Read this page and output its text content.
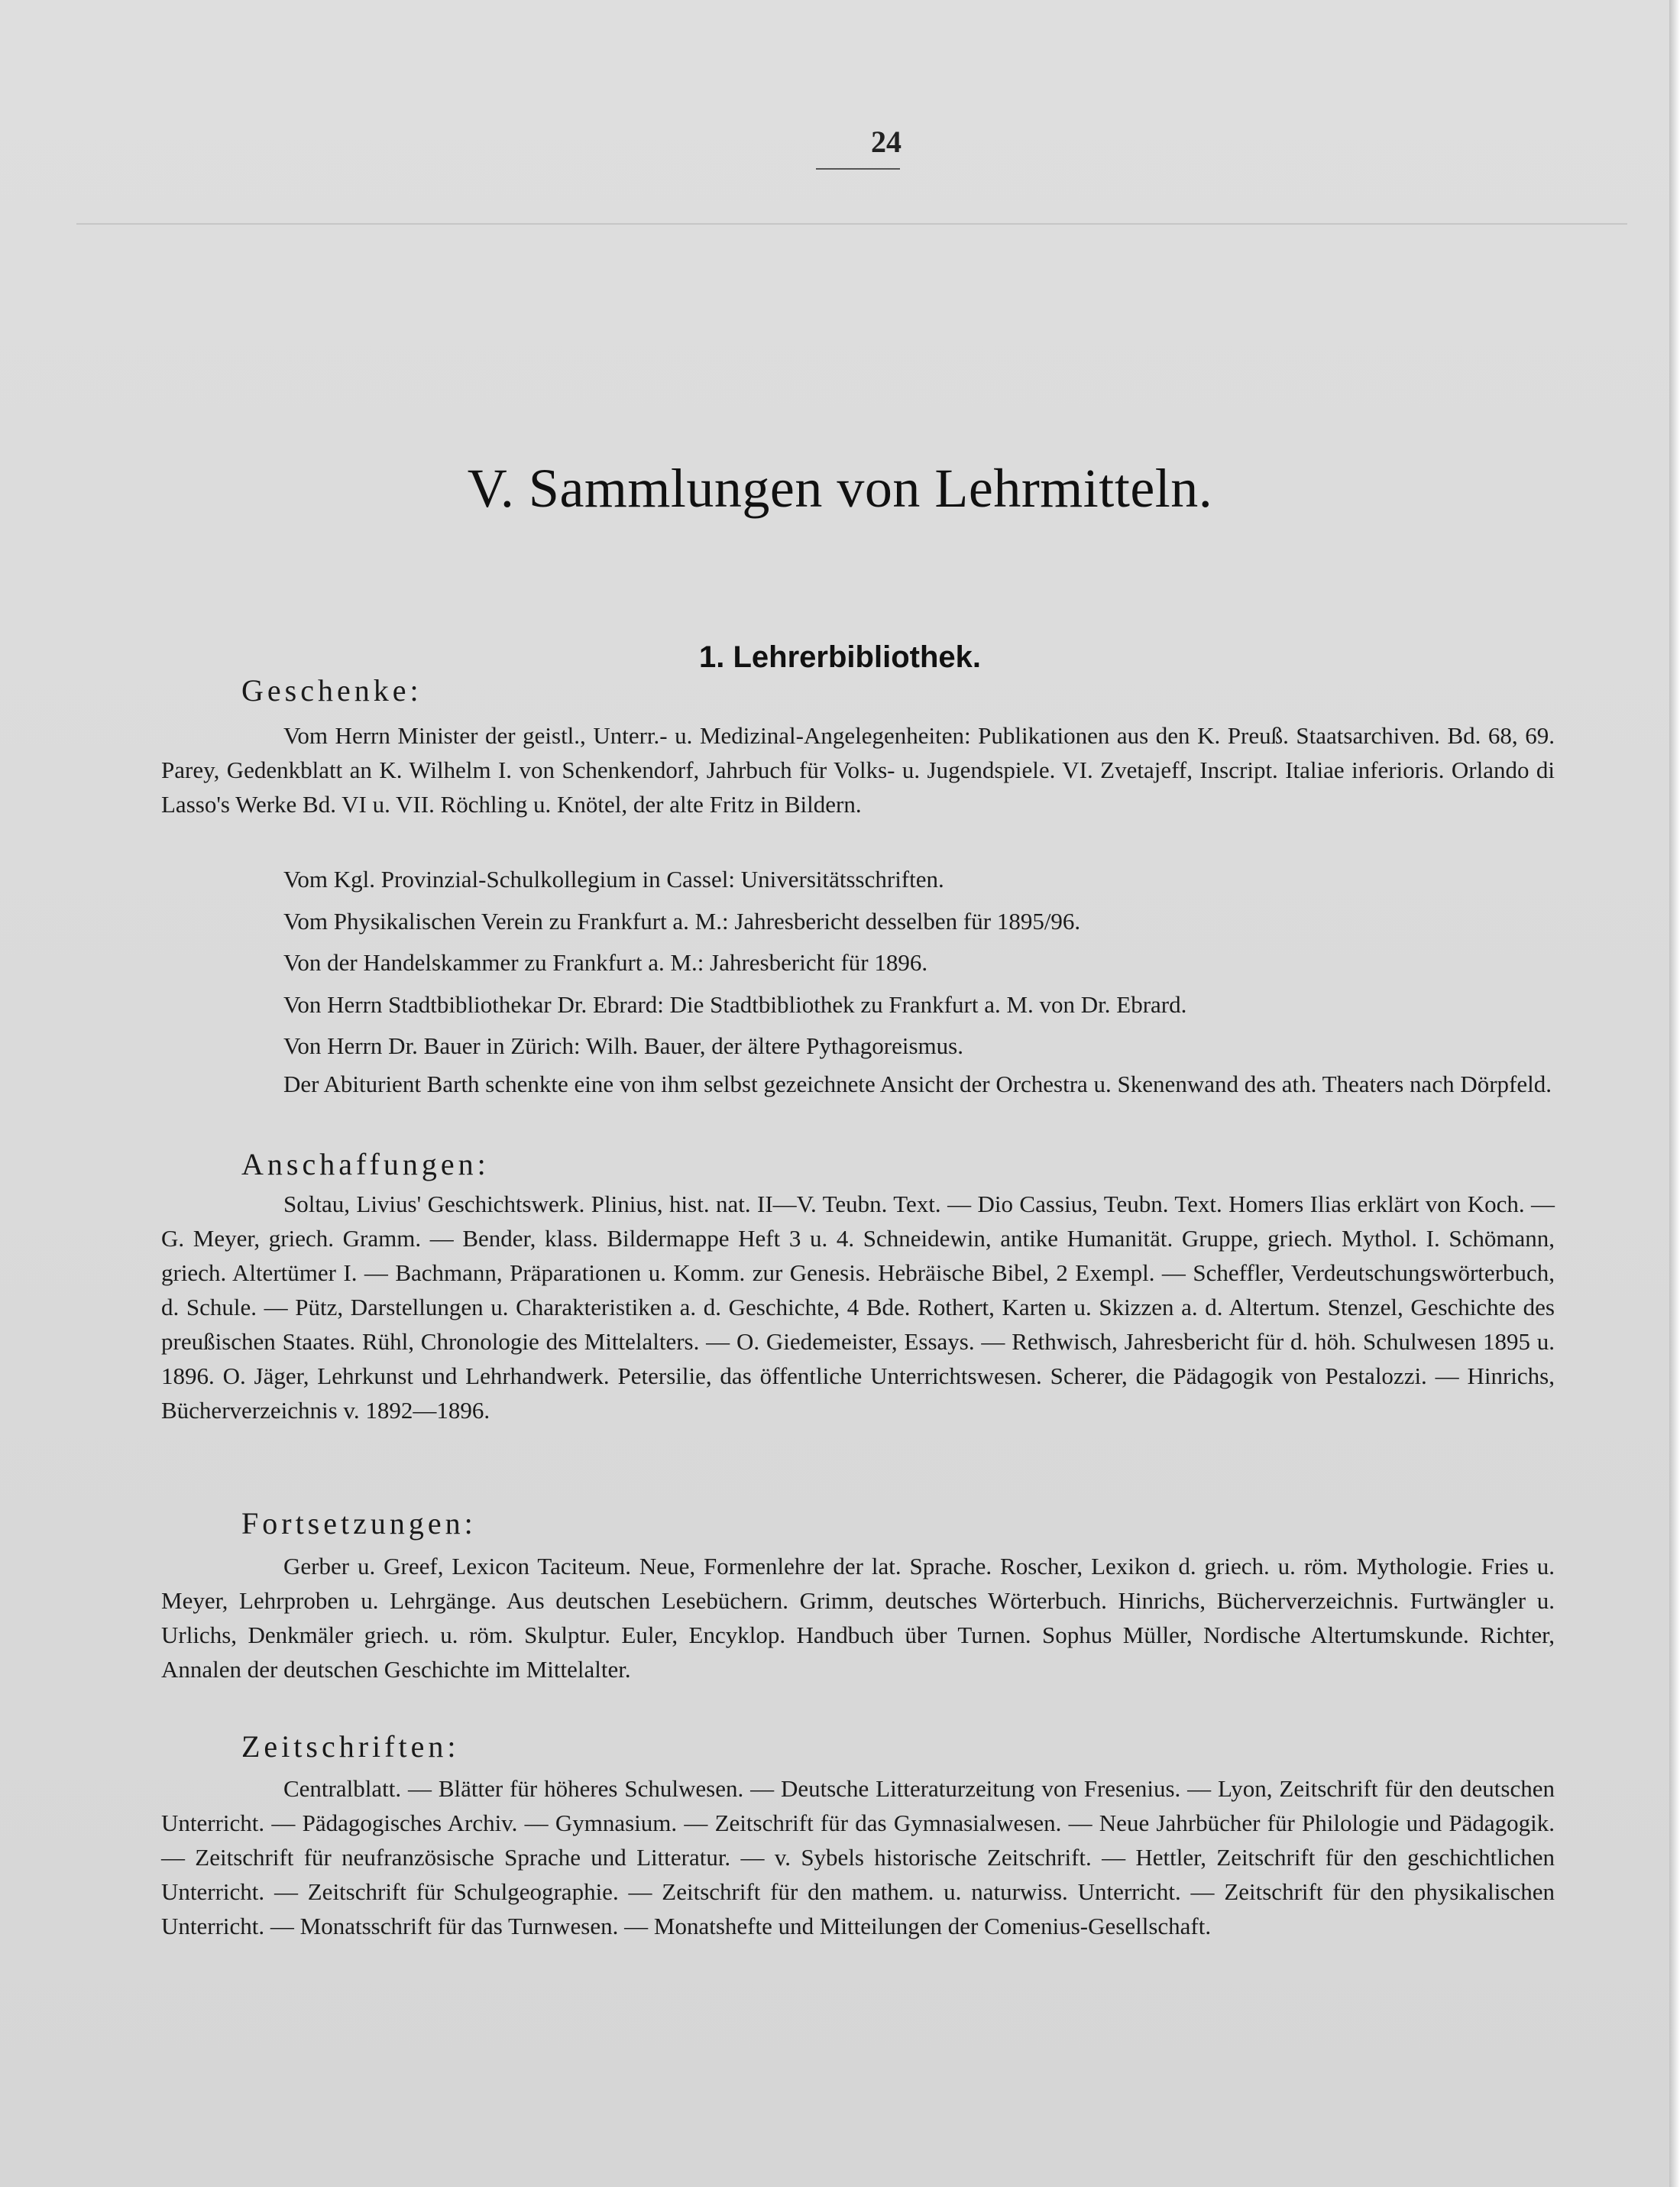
24
V. Sammlungen von Lehrmitteln.
1. Lehrerbibliothek.
Geschenke:
Vom Herrn Minister der geistl., Unterr.- u. Medizinal-Angelegenheiten: Publikationen aus den K. Preuß. Staatsarchiven. Bd. 68, 69. Parey, Gedenkblatt an K. Wilhelm I. von Schenkendorf, Jahrbuch für Volks- u. Jugendspiele. VI. Zvetajeff, Inscript. Italiae inferioris. Orlando di Lasso's Werke Bd. VI u. VII. Röchling u. Knötel, der alte Fritz in Bildern.
Vom Kgl. Provinzial-Schulkollegium in Cassel: Universitätsschriften.
Vom Physikalischen Verein zu Frankfurt a. M.: Jahresbericht desselben für 1895/96.
Von der Handelskammer zu Frankfurt a. M.: Jahresbericht für 1896.
Von Herrn Stadtbibliothekar Dr. Ebrard: Die Stadtbibliothek zu Frankfurt a. M. von Dr. Ebrard.
Von Herrn Dr. Bauer in Zürich: Wilh. Bauer, der ältere Pythagoreismus.
Der Abiturient Barth schenkte eine von ihm selbst gezeichnete Ansicht der Orchestra u. Skenenwand des ath. Theaters nach Dörpfeld.
Anschaffungen:
Soltau, Livius' Geschichtswerk. Plinius, hist. nat. II—V. Teubn. Text. — Dio Cassius, Teubn. Text. Homers Ilias erklärt von Koch. — G. Meyer, griech. Gramm. — Bender, klass. Bildermappe Heft 3 u. 4. Schneidewin, antike Humanität. Gruppe, griech. Mythol. I. Schömann, griech. Altertümer I. — Bachmann, Präparationen u. Komm. zur Genesis. Hebräische Bibel, 2 Exempl. — Scheffler, Verdeutschungswörterbuch, d. Schule. — Pütz, Darstellungen u. Charakteristiken a. d. Geschichte, 4 Bde. Rothert, Karten u. Skizzen a. d. Altertum. Stenzel, Geschichte des preußischen Staates. Rühl, Chronologie des Mittelalters. — O. Giedemeister, Essays. — Rethwisch, Jahresbericht für d. höh. Schulwesen 1895 u. 1896. O. Jäger, Lehrkunst und Lehrhandwerk. Petersilie, das öffentliche Unterrichtswesen. Scherer, die Pädagogik von Pestalozzi. — Hinrichs, Bücherverzeichnis v. 1892—1896.
Fortsetzungen:
Gerber u. Greef, Lexicon Taciteum. Neue, Formenlehre der lat. Sprache. Roscher, Lexikon d. griech. u. röm. Mythologie. Fries u. Meyer, Lehrproben u. Lehrgänge. Aus deutschen Lesebüchern. Grimm, deutsches Wörterbuch. Hinrichs, Bücherverzeichnis. Furtwängler u. Urlichs, Denkmäler griech. u. röm. Skulptur. Euler, Encyklop. Handbuch über Turnen. Sophus Müller, Nordische Altertumskunde. Richter, Annalen der deutschen Geschichte im Mittelalter.
Zeitschriften:
Centralblatt. — Blätter für höheres Schulwesen. — Deutsche Litteraturzeitung von Fresenius. — Lyon, Zeitschrift für den deutschen Unterricht. — Pädagogisches Archiv. — Gymnasium. — Zeitschrift für das Gymnasialwesen. — Neue Jahrbücher für Philologie und Pädagogik. — Zeitschrift für neufranzösische Sprache und Litteratur. — v. Sybels historische Zeitschrift. — Hettler, Zeitschrift für den geschichtlichen Unterricht. — Zeitschrift für Schulgeographie. — Zeitschrift für den mathem. u. naturwiss. Unterricht. — Zeitschrift für den physikalischen Unterricht. — Monatsschrift für das Turnwesen. — Monatshefte und Mitteilungen der Comenius-Gesellschaft.
